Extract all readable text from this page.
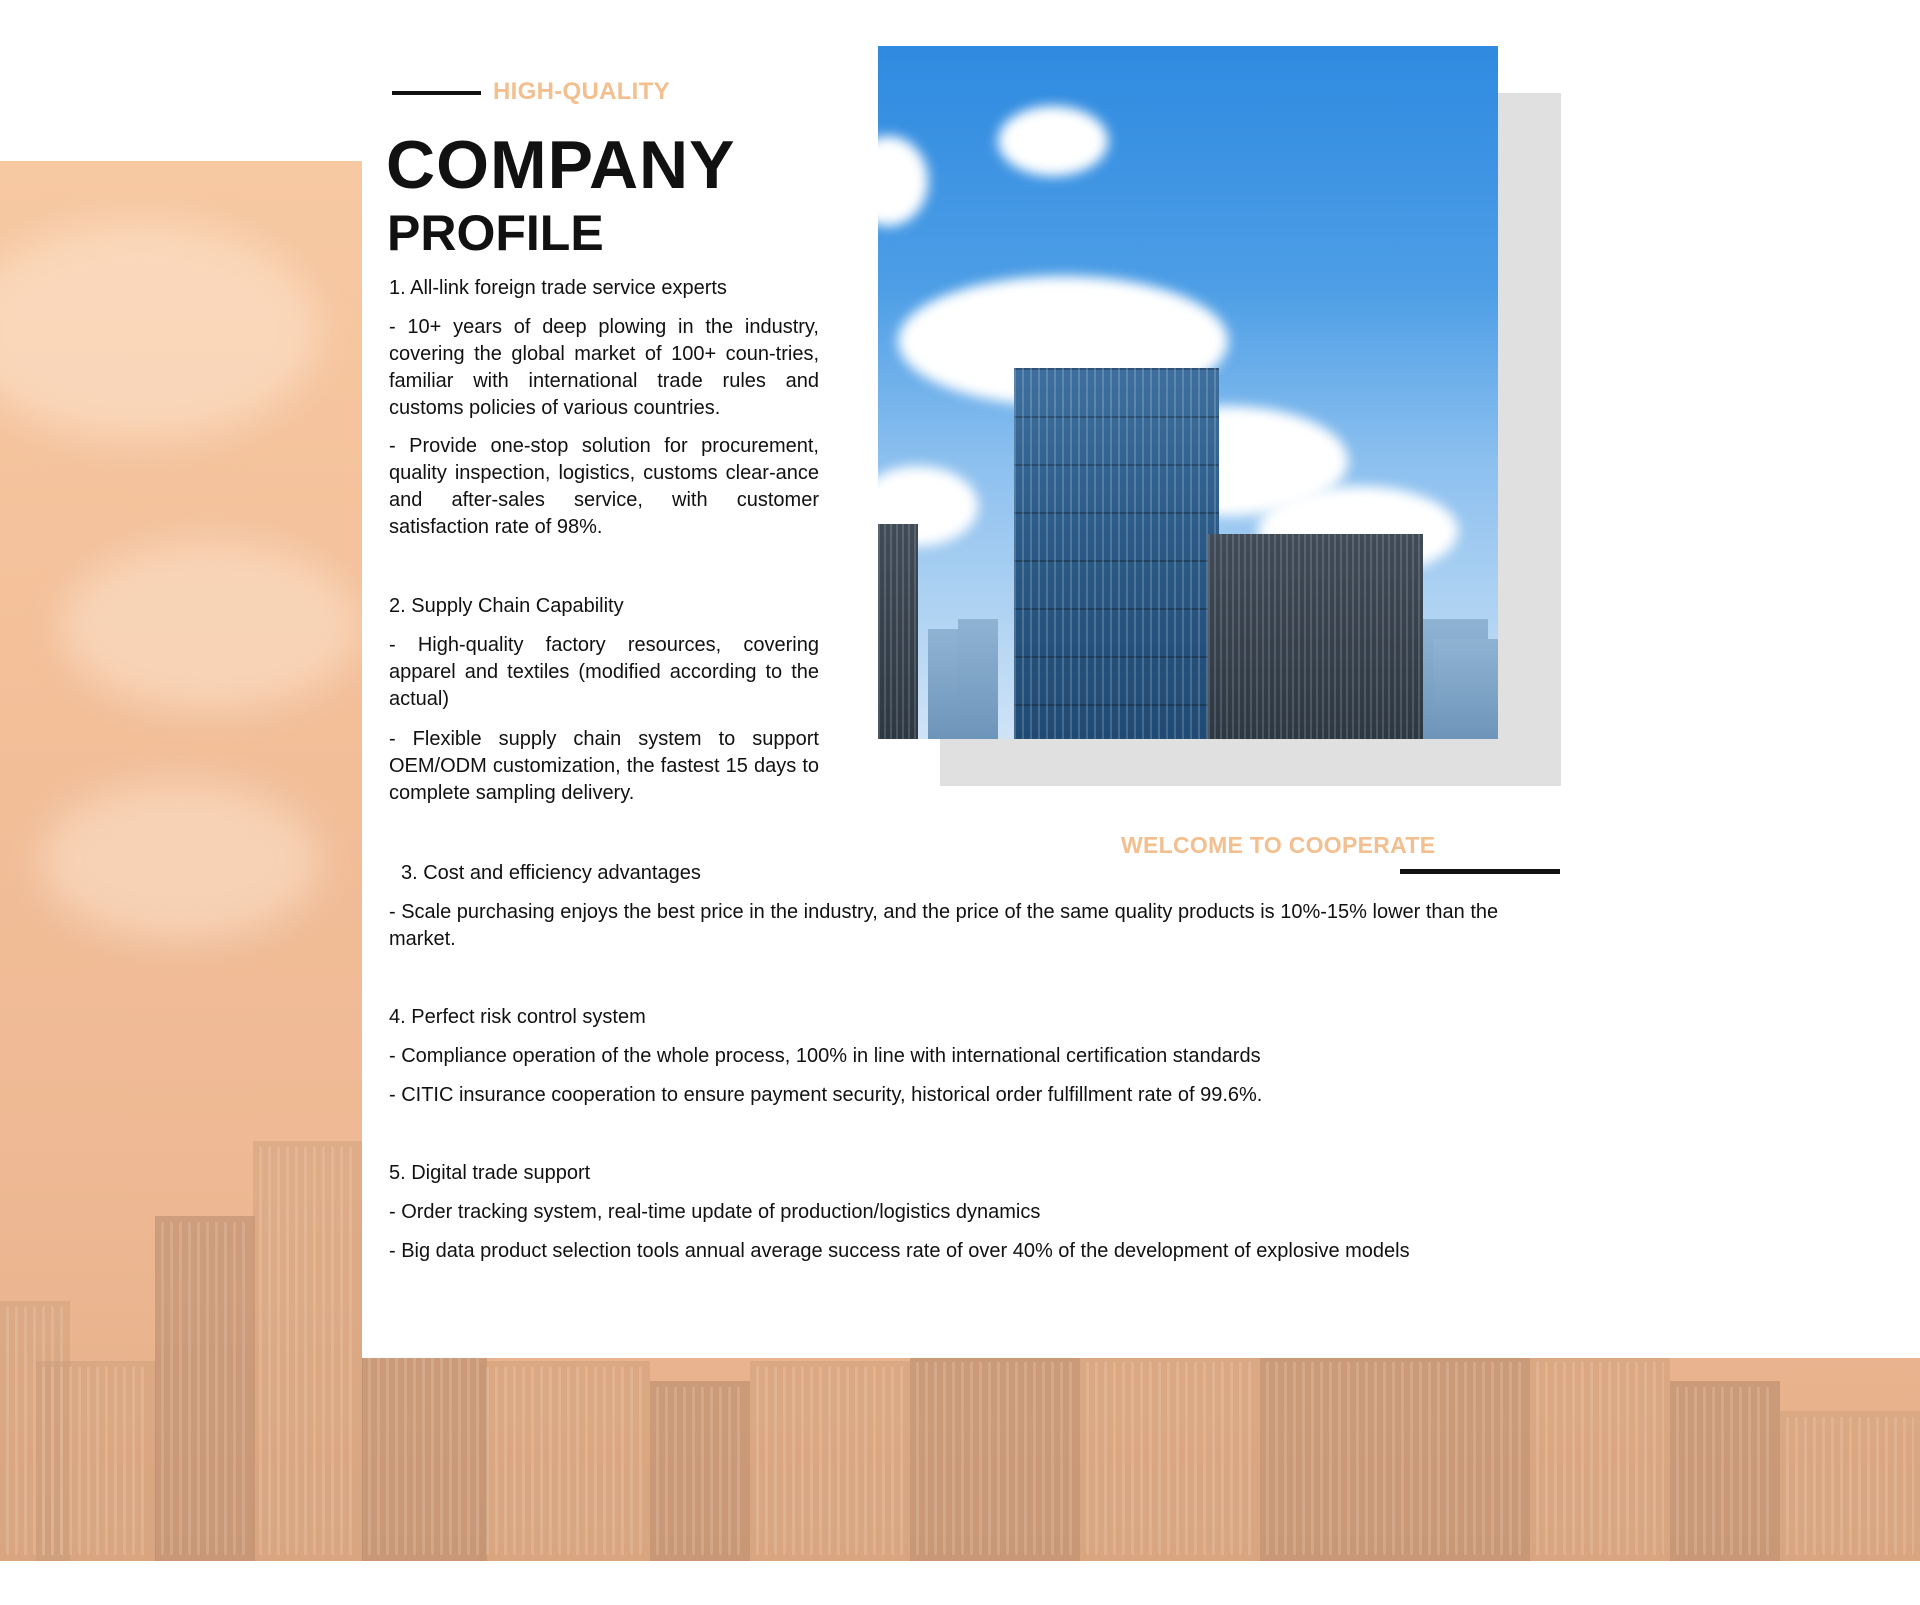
HIGH-QUALITY
COMPANY
PROFILE
1. All-link foreign trade service experts
- 10+ years of deep plowing in the industry, covering the global market of 100+ coun-tries, familiar with international trade rules and customs policies of various countries.
- Provide one-stop solution for procurement, quality inspection, logistics, customs clear-ance and after-sales service, with customer satisfaction rate of 98%.
2. Supply Chain Capability
- High-quality factory resources, covering apparel and textiles (modified according to the actual)
- Flexible supply chain system to support OEM/ODM customization, the fastest 15 days to complete sampling delivery.
WELCOME TO COOPERATE
3. Cost and efficiency advantages
- Scale purchasing enjoys the best price in the industry, and the price of the same quality products is 10%-15% lower than the market.
4. Perfect risk control system
- Compliance operation of the whole process, 100% in line with international certification standards
- CITIC insurance cooperation to ensure payment security, historical order fulfillment rate of 99.6%.
5. Digital trade support
- Order tracking system, real-time update of production/logistics dynamics
- Big data product selection tools annual average success rate of over 40% of the development of explosive models
